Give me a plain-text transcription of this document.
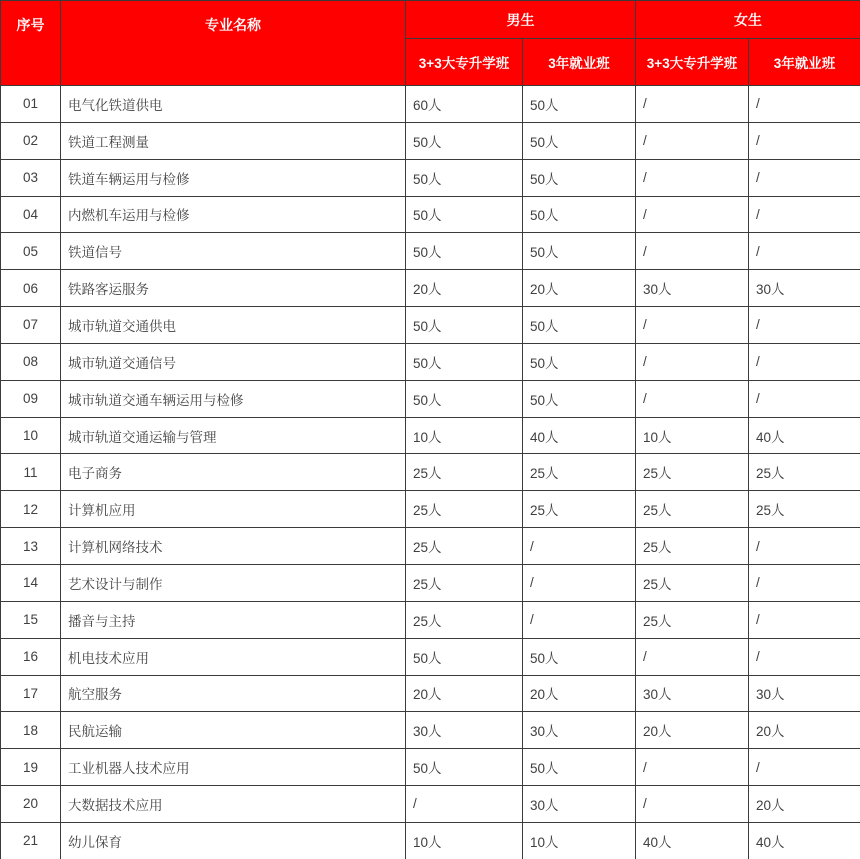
序号	专业名称	男生		女生	
		3+3大专升学班	3年就业班	3+3大专升学班	3年就业班
01	电气化铁道供电	60人	50人	/	/
02	铁道工程测量	50人	50人	/	/
03	铁道车辆运用与检修	50人	50人	/	/
04	内燃机车运用与检修	50人	50人	/	/
05	铁道信号	50人	50人	/	/
06	铁路客运服务	20人	20人	30人	30人
07	城市轨道交通供电	50人	50人	/	/
08	城市轨道交通信号	50人	50人	/	/
09	城市轨道交通车辆运用与检修	50人	50人	/	/
10	城市轨道交通运输与管理	10人	40人	10人	40人
11	电子商务	25人	25人	25人	25人
12	计算机应用	25人	25人	25人	25人
13	计算机网络技术	25人	/	25人	/
14	艺术设计与制作	25人	/	25人	/
15	播音与主持	25人	/	25人	/
16	机电技术应用	50人	50人	/	/
17	航空服务	20人	20人	30人	30人
18	民航运输	30人	30人	20人	20人
19	工业机器人技术应用	50人	50人	/	/
20	大数据技术应用	/	30人	/	20人
21	幼儿保育	10人	10人	40人	40人
